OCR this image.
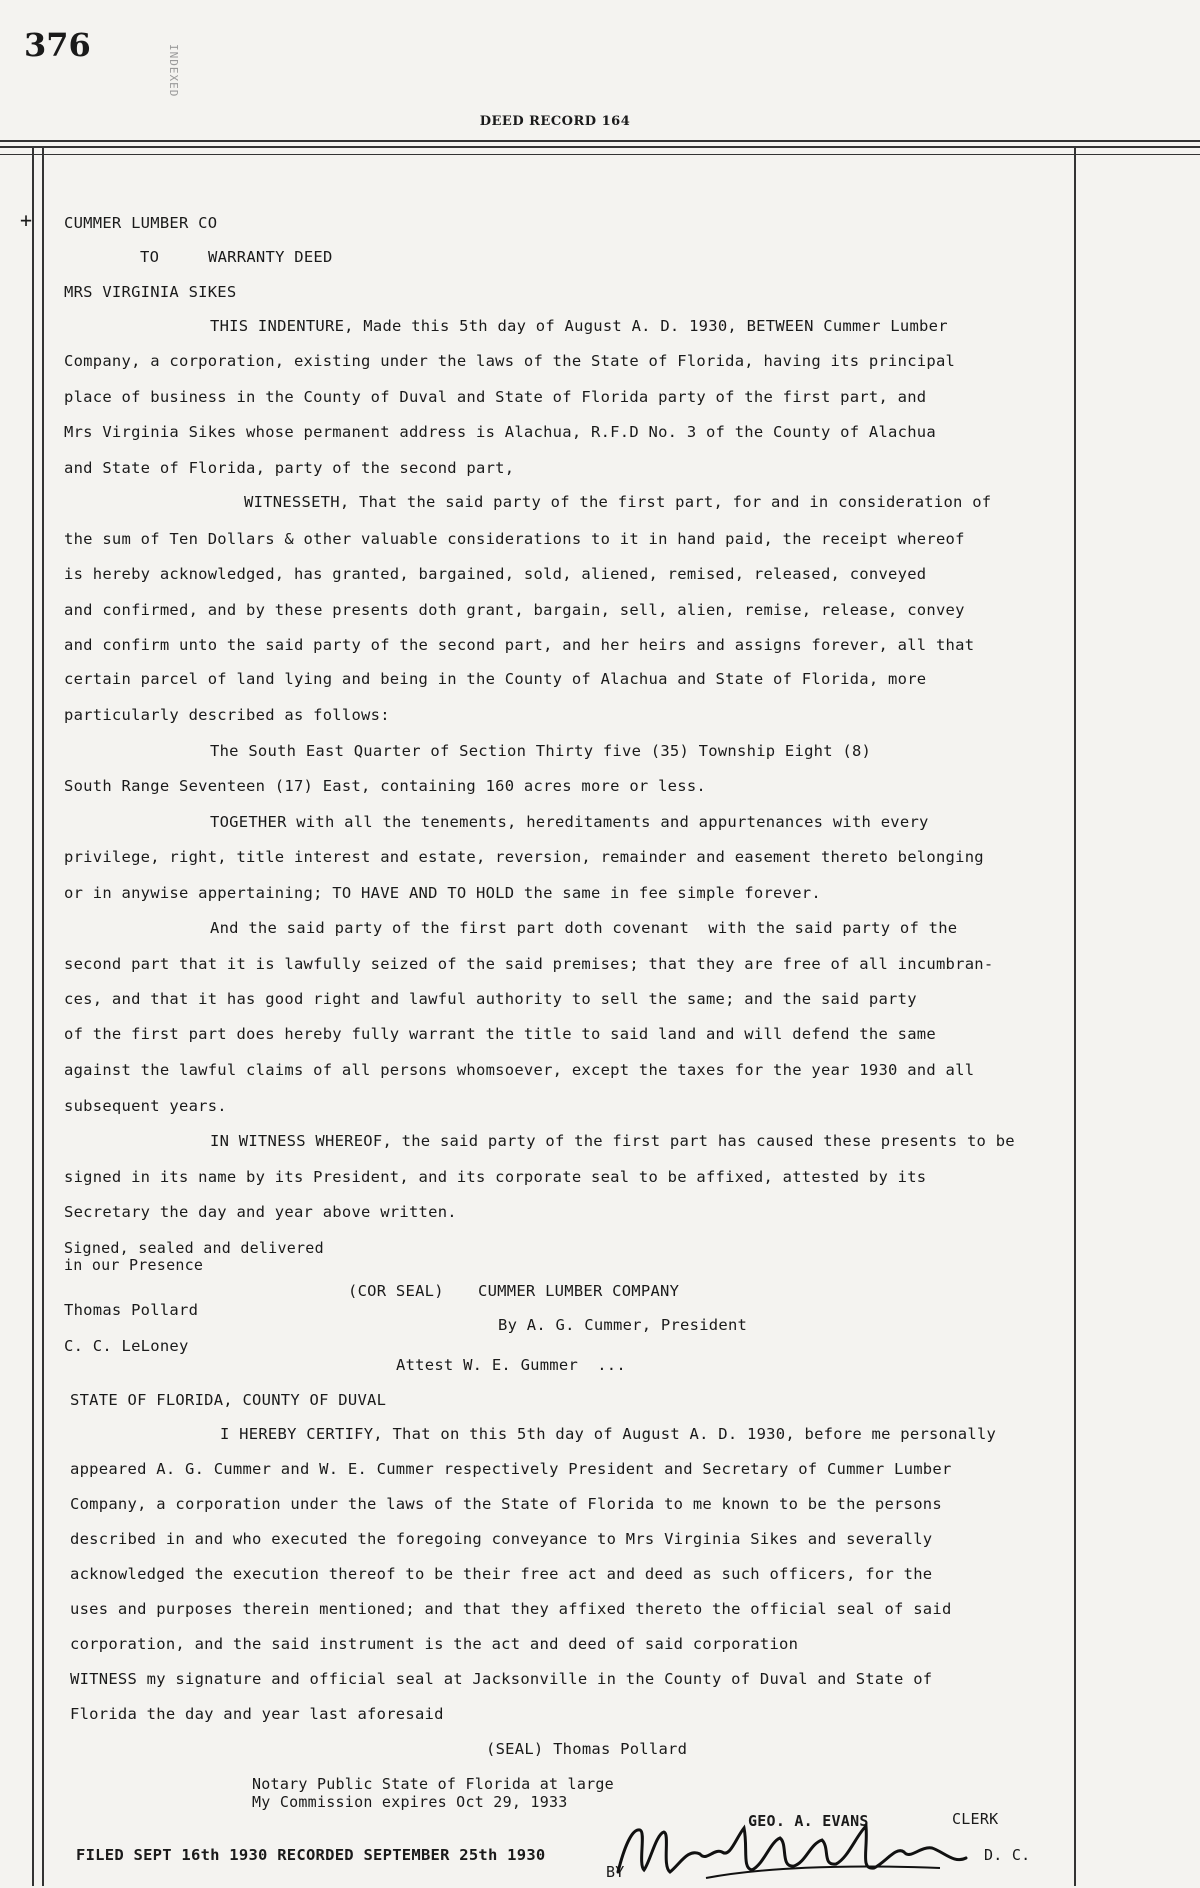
376	INDEXED
DEED RECORD 164
+ CUMMER LUMBER CO
TO	WARRANTY DEED
MRS VIRGINIA SIKES
THIS INDENTURE, Made this 5th day of August A. D. 1930, BETWEEN Cummer Lumber
Company, a corporation, existing under the laws of the State of Florida, having its principal
place of business in the County of Duval and State of Florida party of the first part, and
Mrs Virginia Sikes whose permanent address is Alachua, R.F.D No. 3 of the County of Alachua
and State of Florida, party of the second part,
WITNESSETH, That the said party of the first part, for and in consideration of
the sum of Ten Dollars & other valuable considerations to it in hand paid, the receipt whereof
is hereby acknowledged, has granted, bargained, sold, aliened, remised, released, conveyed
and confirmed, and by these presents doth grant, bargain, sell, alien, remise, release, convey
and confirm unto the said party of the second part, and her heirs and assigns forever, all that
certain parcel of land lying and being in the County of Alachua and State of Florida, more
particularly described as follows:
The South East Quarter of Section Thirty five (35) Township Eight (8)
South Range Seventeen (17) East, containing 160 acres more or less.
TOGETHER with all the tenements, hereditaments and appurtenances with every
privilege, right, title interest and estate, reversion, remainder and easement thereto belonging
or in anywise appertaining; TO HAVE AND TO HOLD the same in fee simple forever.
And the said party of the first part doth covenant  with the said party of the
second part that it is lawfully seized of the said premises; that they are free of all incumbran-
ces, and that it has good right and lawful authority to sell the same; and the said party
of the first part does hereby fully warrant the title to said land and will defend the same
against the lawful claims of all persons whomsoever, except the taxes for the year 1930 and all
subsequent years.
IN WITNESS WHEREOF, the said party of the first part has caused these presents to be
signed in its name by its President, and its corporate seal to be affixed, attested by its
Secretary the day and year above written.
Signed, sealed and delivered
in our Presence
Thomas Pollard
C. C. LeLoney
(COR SEAL) CUMMER LUMBER COMPANY
By A. G. Cummer, President
Attest W. E. Gummer  ...
STATE OF FLORIDA, COUNTY OF DUVAL
I HEREBY CERTIFY, That on this 5th day of August A. D. 1930, before me personally
appeared A. G. Cummer and W. E. Cummer respectively President and Secretary of Cummer Lumber
Company, a corporation under the laws of the State of Florida to me known to be the persons
described in and who executed the foregoing conveyance to Mrs Virginia Sikes and severally
acknowledged the execution thereof to be their free act and deed as such officers, for the
uses and purposes therein mentioned; and that they affixed thereto the official seal of said
corporation, and the said instrument is the act and deed of said corporation
WITNESS my signature and official seal at Jacksonville in the County of Duval and State of
Florida the day and year last aforesaid
(SEAL) Thomas Pollard
Notary Public State of Florida at large
My Commission expires Oct 29, 1933
FILED SEPT 16th 1930 RECORDED SEPTEMBER 25th 1930
GEO. A. EVANS	CLERK
BY
D. C.
